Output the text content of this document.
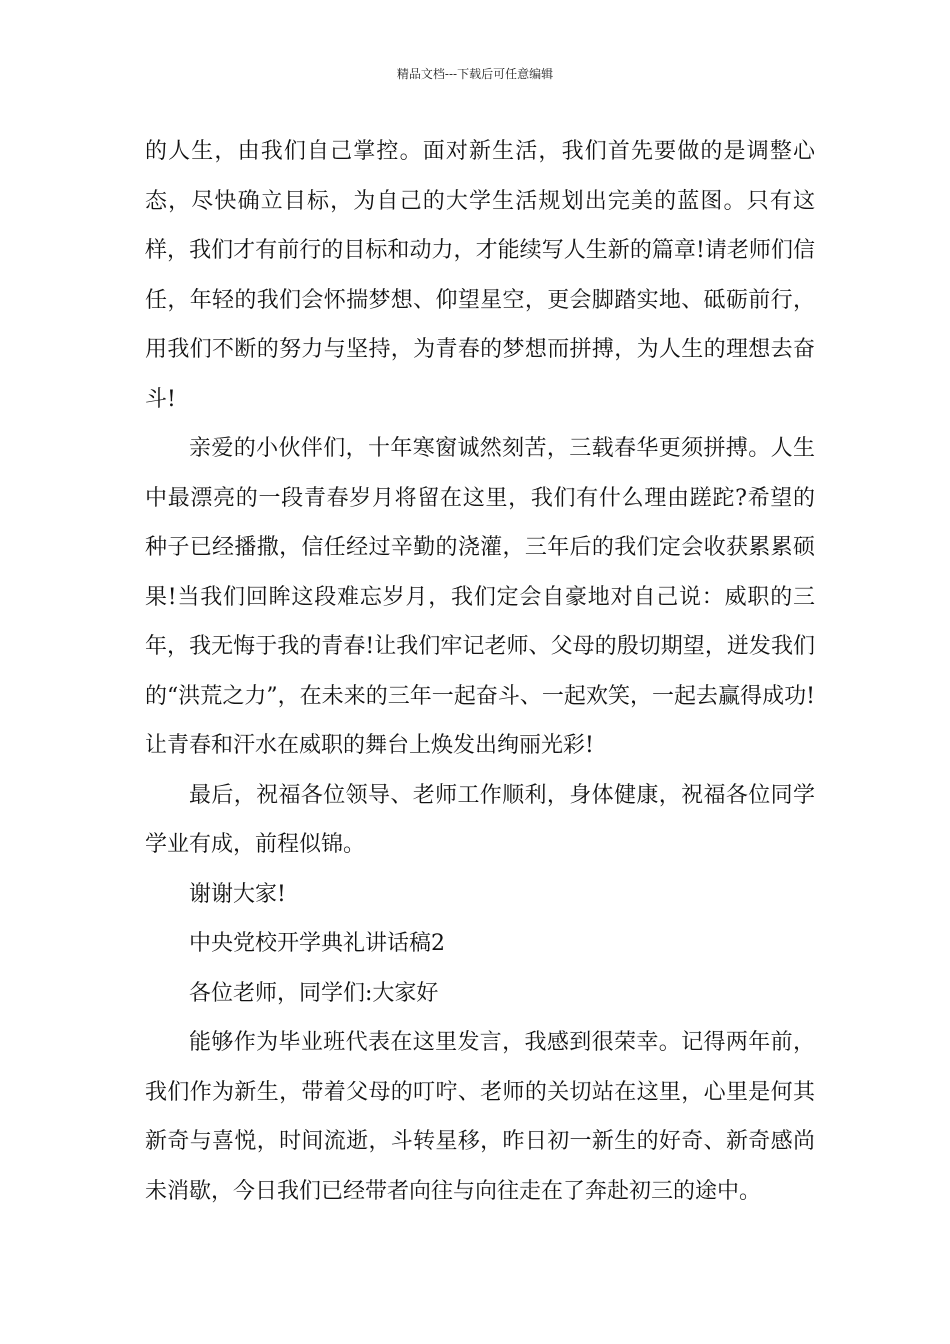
精品文档---下载后可任意编辑

的人生，由我们自己掌控。面对新生活，我们首先要做的是调整心态，尽快确立目标，为自己的大学生活规划出完美的蓝图。只有这样，我们才有前行的目标和动力，才能续写人生新的篇章!请老师们信任，年轻的我们会怀揣梦想、仰望星空，更会脚踏实地、砥砺前行，用我们不断的努力与坚持，为青春的梦想而拼搏，为人生的理想去奋斗!

亲爱的小伙伴们，十年寒窗诚然刻苦，三载春华更须拼搏。人生中最漂亮的一段青春岁月将留在这里，我们有什么理由蹉跎?希望的种子已经播撒，信任经过辛勤的浇灌，三年后的我们定会收获累累硕果!当我们回眸这段难忘岁月，我们定会自豪地对自己说：威职的三年，我无悔于我的青春!让我们牢记老师、父母的殷切期望，迸发我们的“洪荒之力”，在未来的三年一起奋斗、一起欢笑，一起去赢得成功!让青春和汗水在威职的舞台上焕发出绚丽光彩!

最后，祝福各位领导、老师工作顺利，身体健康，祝福各位同学学业有成，前程似锦。

谢谢大家!

中央党校开学典礼讲话稿2

各位老师，同学们:大家好

能够作为毕业班代表在这里发言，我感到很荣幸。记得两年前，我们作为新生，带着父母的叮咛、老师的关切站在这里，心里是何其新奇与喜悦，时间流逝，斗转星移，昨日初一新生的好奇、新奇感尚未消歇，今日我们已经带者向往与向往走在了奔赴初三的途中。
